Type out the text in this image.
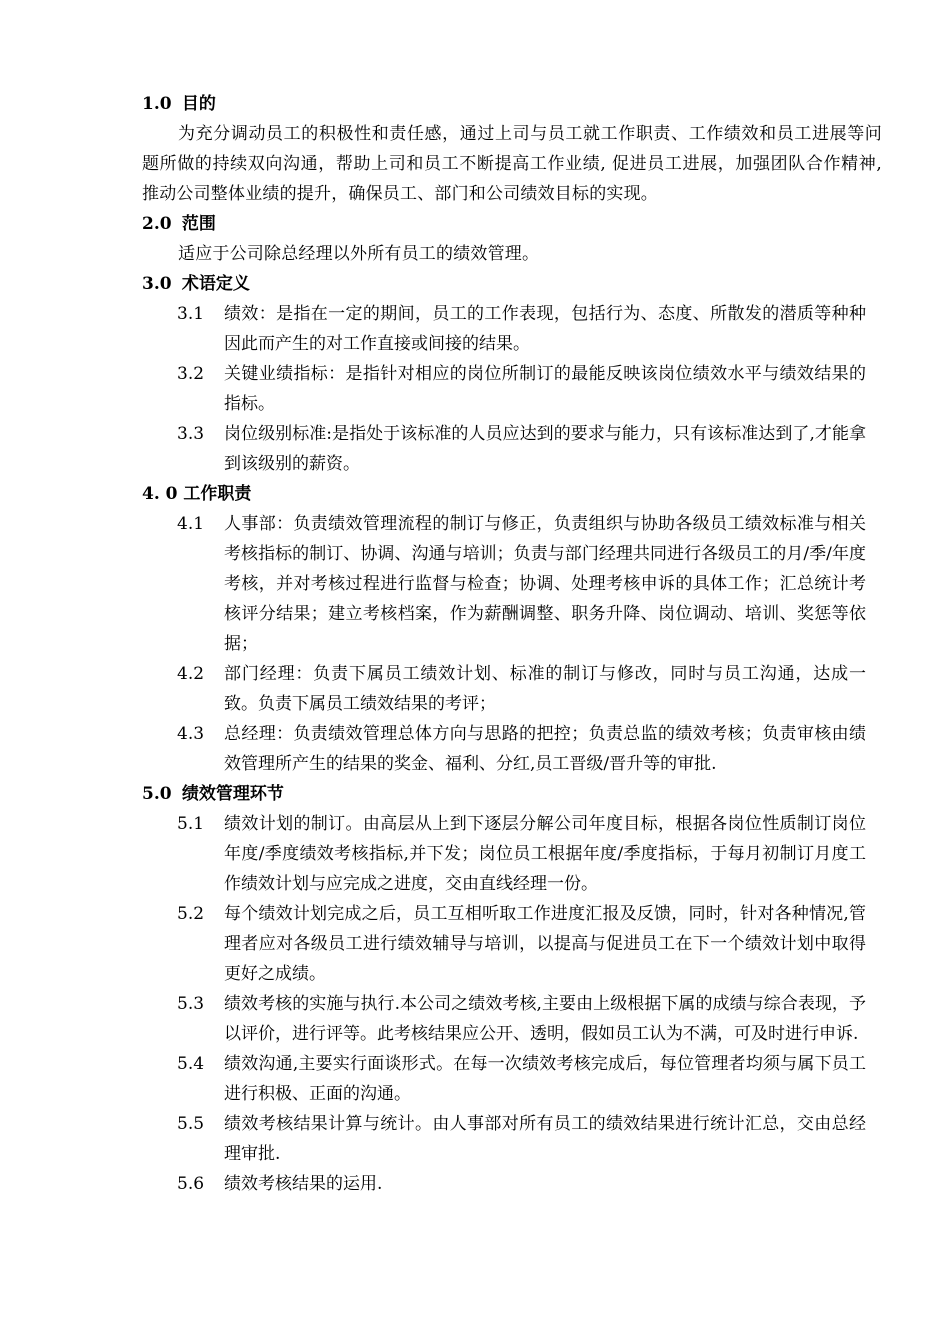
1.0 目的
为充分调动员工的积极性和责任感，通过上司与员工就工作职责、工作绩效和员工进展等问题所做的持续双向沟通，帮助上司和员工不断提高工作业绩, 促进员工进展，加强团队合作精神, 推动公司整体业绩的提升，确保员工、部门和公司绩效目标的实现。
2.0 范围
适应于公司除总经理以外所有员工的绩效管理。
3.0 术语定义
3.1	绩效：是指在一定的期间，员工的工作表现，包括行为、态度、所散发的潜质等种种因此而产生的对工作直接或间接的结果。
3.2	关键业绩指标：是指针对相应的岗位所制订的最能反映该岗位绩效水平与绩效结果的指标。
3.3	岗位级别标准:是指处于该标准的人员应达到的要求与能力，只有该标准达到了,才能拿到该级别的薪资。
4. 0 工作职责
4.1	人事部：负责绩效管理流程的制订与修正，负责组织与协助各级员工绩效标准与相关考核指标的制订、协调、沟通与培训；负责与部门经理共同进行各级员工的月/季/年度考核，并对考核过程进行监督与检查；协调、处理考核申诉的具体工作；汇总统计考核评分结果；建立考核档案，作为薪酬调整、职务升降、岗位调动、培训、奖惩等依据；
4.2	部门经理：负责下属员工绩效计划、标准的制订与修改，同时与员工沟通，达成一致。负责下属员工绩效结果的考评；
4.3	总经理：负责绩效管理总体方向与思路的把控；负责总监的绩效考核；负责审核由绩效管理所产生的结果的奖金、福利、分红,员工晋级/晋升等的审批.
5.0 绩效管理环节
5.1	绩效计划的制订。由高层从上到下逐层分解公司年度目标，根据各岗位性质制订岗位年度/季度绩效考核指标,并下发；岗位员工根据年度/季度指标，于每月初制订月度工作绩效计划与应完成之进度，交由直线经理一份。
5.2	每个绩效计划完成之后，员工互相听取工作进度汇报及反馈，同时，针对各种情况,管理者应对各级员工进行绩效辅导与培训，以提高与促进员工在下一个绩效计划中取得更好之成绩。
5.3	绩效考核的实施与执行.本公司之绩效考核,主要由上级根据下属的成绩与综合表现，予以评价，进行评等。此考核结果应公开、透明，假如员工认为不满，可及时进行申诉.
5.4	绩效沟通,主要实行面谈形式。在每一次绩效考核完成后，每位管理者均须与属下员工进行积极、正面的沟通。
5.5	绩效考核结果计算与统计。由人事部对所有员工的绩效结果进行统计汇总，交由总经理审批.
5.6	绩效考核结果的运用.
